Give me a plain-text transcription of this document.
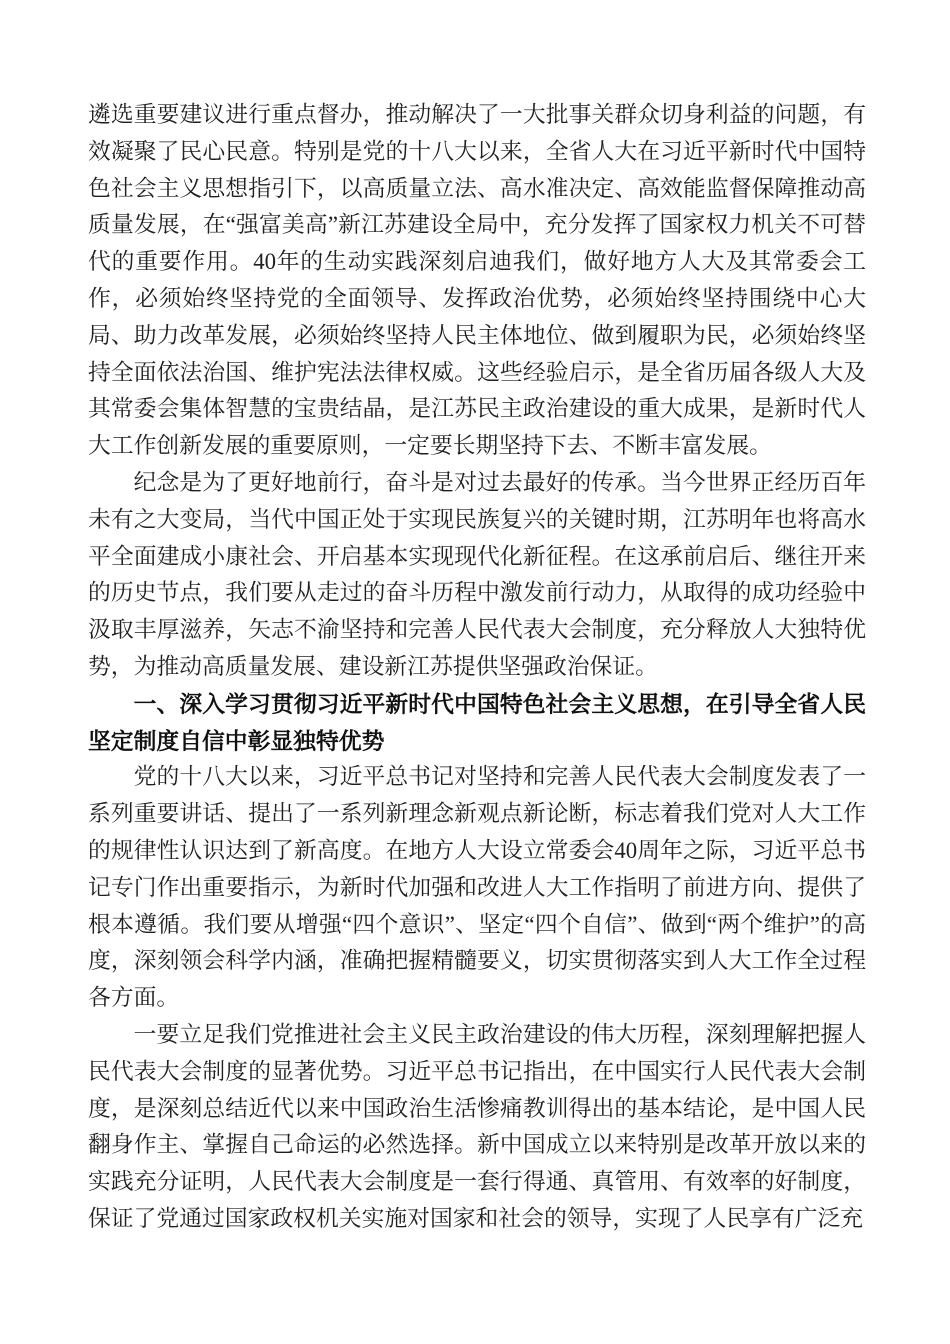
遴选重要建议进行重点督办，推动解决了一大批事关群众切身利益的问题，有效凝聚了民心民意。特别是党的十八大以来，全省人大在习近平新时代中国特色社会主义思想指引下，以高质量立法、高水准决定、高效能监督保障推动高质量发展，在“强富美高”新江苏建设全局中，充分发挥了国家权力机关不可替代的重要作用。40年的生动实践深刻启迪我们，做好地方人大及其常委会工作，必须始终坚持党的全面领导、发挥政治优势，必须始终坚持围绕中心大局、助力改革发展，必须始终坚持人民主体地位、做到履职为民，必须始终坚持全面依法治国、维护宪法法律权威。这些经验启示，是全省历届各级人大及其常委会集体智慧的宝贵结晶，是江苏民主政治建设的重大成果，是新时代人大工作创新发展的重要原则，一定要长期坚持下去、不断丰富发展。

纪念是为了更好地前行，奋斗是对过去最好的传承。当今世界正经历百年未有之大变局，当代中国正处于实现民族复兴的关键时期，江苏明年也将高水平全面建成小康社会、开启基本实现现代化新征程。在这承前启后、继往开来的历史节点，我们要从走过的奋斗历程中激发前行动力，从取得的成功经验中汲取丰厚滋养，矢志不渝坚持和完善人民代表大会制度，充分释放人大独特优势，为推动高质量发展、建设新江苏提供坚强政治保证。

一、深入学习贯彻习近平新时代中国特色社会主义思想，在引导全省人民坚定制度自信中彰显独特优势

党的十八大以来，习近平总书记对坚持和完善人民代表大会制度发表了一系列重要讲话、提出了一系列新理念新观点新论断，标志着我们党对人大工作的规律性认识达到了新高度。在地方人大设立常委会40周年之际，习近平总书记专门作出重要指示，为新时代加强和改进人大工作指明了前进方向、提供了根本遵循。我们要从增强“四个意识”、坚定“四个自信”、做到“两个维护”的高度，深刻领会科学内涵，准确把握精髓要义，切实贯彻落实到人大工作全过程各方面。

一要立足我们党推进社会主义民主政治建设的伟大历程，深刻理解把握人民代表大会制度的显著优势。习近平总书记指出，在中国实行人民代表大会制度，是深刻总结近代以来中国政治生活惨痛教训得出的基本结论，是中国人民翻身作主、掌握自己命运的必然选择。新中国成立以来特别是改革开放以来的实践充分证明，人民代表大会制度是一套行得通、真管用、有效率的好制度，保证了党通过国家政权机关实施对国家和社会的领导，实现了人民享有广泛充
